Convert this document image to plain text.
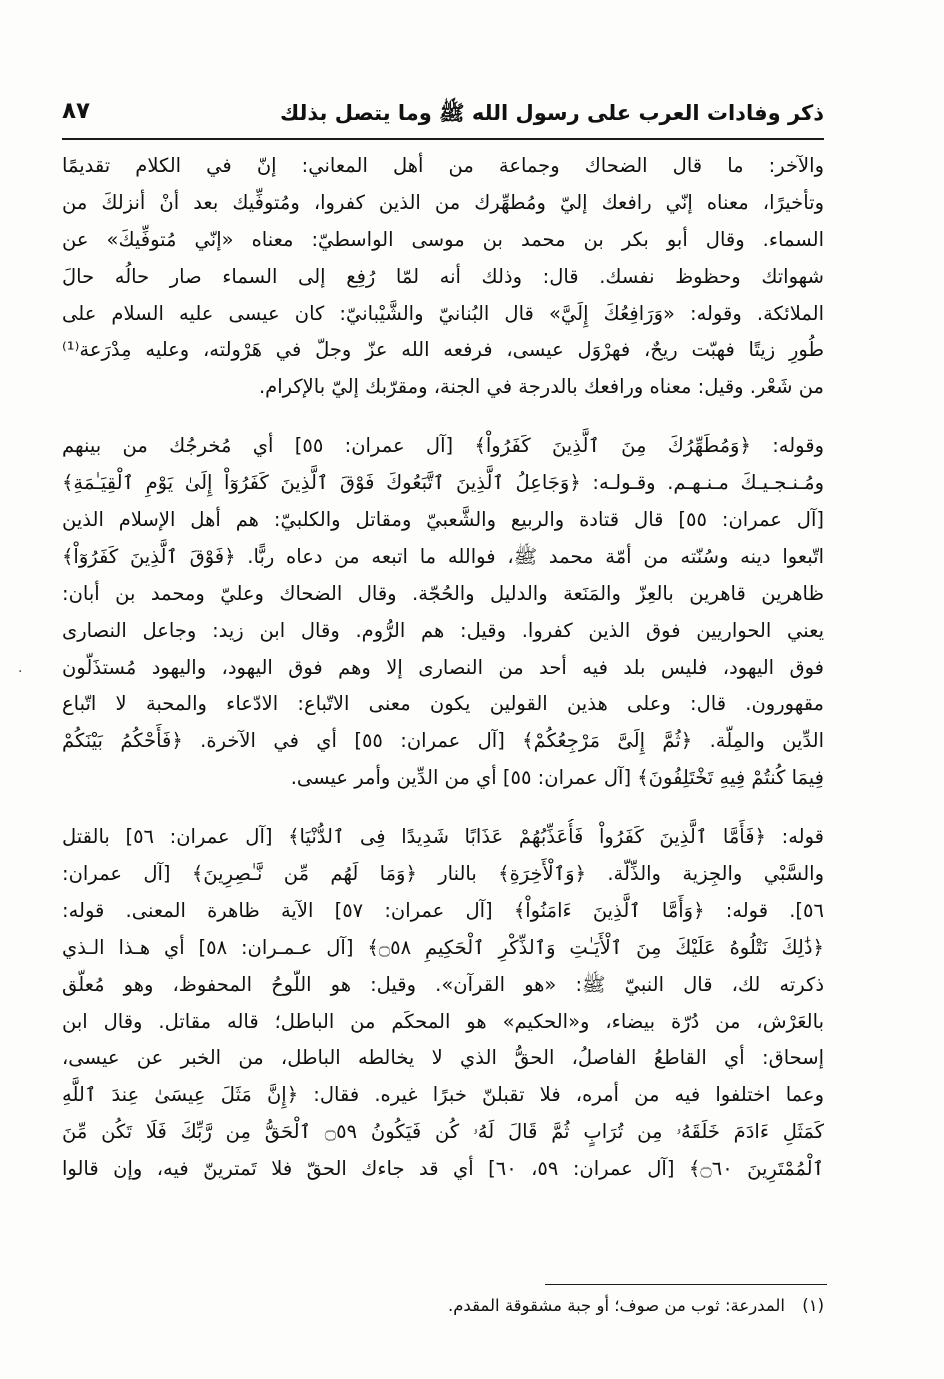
ذكر وفادات العرب على رسول الله ﷺ وما يتصل بذلك
٨٧
·
والآخر: ما قال الضحاك وجماعة من أهل المعاني: إنّ في الكلام تقديمًا
وتأخيرًا، معناه إنّي رافعك إليّ ومُطهِّرك من الذين كفروا، ومُتوفِّيك بعد أنْ أنزلكَ من
السماء. وقال أبو بكر بن محمد بن موسى الواسطيّ: معناه «إنّي مُتوفِّيكَ» عن
شهواتك وحظوظ نفسك. قال: وذلك أنه لمّا رُفِع إلى السماء صار حالُه حالَ
الملائكة. وقوله: «وَرَافِعُكَ إِلَيَّ» قال البُنانيّ والشَّيْبانيّ: كان عيسى عليه السلام على
طُورِ زيتًا فهبّت ريحٌ، فهرْوَل عيسى، فرفعه الله عزّ وجلّ في هَرْولته، وعليه مِدْرَعة⁽¹⁾
من شَعْر. وقيل: معناه ورافعك بالدرجة في الجنة، ومقرّبك إليّ بالإكرام.
وقوله: ﴿وَمُطَهِّرُكَ مِنَ ٱلَّذِينَ كَفَرُواْ﴾ [آل عمران: ٥٥] أي مُخرجُك من بينهم
ومُـنـجـيـكَ مـنـهـم. وقـولـه: ﴿وَجَاعِلُ ٱلَّذِينَ ٱتَّبَعُوكَ فَوْقَ ٱلَّذِينَ كَفَرُوٓاْ إِلَىٰ يَوْمِ ٱلْقِيَـٰمَةِ﴾
[آل عمران: ٥٥] قال قتادة والربيع والشَّعبيّ ومقاتل والكلبيّ: هم أهل الإسلام الذين
اتّبعوا دينه وسُنّته من أمّة محمد ﷺ، فوالله ما اتبعه من دعاه ربًّا. ﴿فَوْقَ ٱلَّذِينَ كَفَرُوٓاْ﴾
ظاهرين قاهرين بالعِزّ والمَنَعة والدليل والحُجّة. وقال الضحاك وعليّ ومحمد بن أبان:
يعني الحواريين فوق الذين كفروا. وقيل: هم الرُّوم. وقال ابن زيد: وجاعل النصارى
فوق اليهود، فليس بلد فيه أحد من النصارى إلا وهم فوق اليهود، واليهود مُستذَلّون
مقهورون. قال: وعلى هذين القولين يكون معنى الاتّباع: الادّعاء والمحبة لا اتّباع
الدِّين والمِلّة. ﴿ثُمَّ إِلَىَّ مَرْجِعُكُمْ﴾ [آل عمران: ٥٥] أي في الآخرة. ﴿فَأَحْكُمُ بَيْنَكُمْ
فِيمَا كُنتُمْ فِيهِ تَخْتَلِفُونَ﴾ [آل عمران: ٥٥] أي من الدِّين وأمر عيسى.
قوله: ﴿فَأَمَّا ٱلَّذِينَ كَفَرُواْ فَأُعَذِّبُهُمْ عَذَابًا شَدِيدًا فِى ٱلدُّنْيَا﴾ [آل عمران: ٥٦] بالقتل
والسَّبْي والجِزية والذِّلّة. ﴿وَٱلْأَخِرَةِ﴾ بالنار ﴿وَمَا لَهُم مِّن نَّـٰصِرِينَ﴾ [آل عمران:
٥٦]. قوله: ﴿وَأَمَّا ٱلَّذِينَ ءَامَنُواْ﴾ [آل عمران: ٥٧] الآية ظاهرة المعنى. قوله:
﴿ذَٰلِكَ نَتْلُوهُ عَلَيْكَ مِنَ ٱلْأَيَـٰتِ وَٱلذِّكْرِ ٱلْحَكِيمِ ۝٥٨﴾ [آل عـمـران: ٥٨] أي هـذا الـذي
ذكرته لك، قال النبيّ ﷺ: «هو القرآن». وقيل: هو اللّوحُ المحفوظ، وهو مُعلّق
بالعَرْش، من دُرّة بيضاء، و«الحكيم» هو المحكَم من الباطل؛ قاله مقاتل. وقال ابن
إسحاق: أي القاطعُ الفاصلُ، الحقُّ الذي لا يخالطه الباطل، من الخبر عن عيسى،
وعما اختلفوا فيه من أمره، فلا تقبلنّ خبرًا غيره. فقال: ﴿إِنَّ مَثَلَ عِيسَىٰ عِندَ ٱللَّهِ
كَمَثَلِ ءَادَمَ خَلَقَهُۥ مِن تُرَابٍ ثُمَّ قَالَ لَهُۥ كُن فَيَكُونُ ۝٥٩ ٱلْحَقُّ مِن رَّبِّكَ فَلَا تَكُن مِّنَ
ٱلْمُمْتَرِينَ ۝٦٠﴾ [آل عمران: ٥٩، ٦٠] أي قد جاءك الحقّ فلا تَمترينّ فيه، وإن قالوا
(١) المدرعة: ثوب من صوف؛ أو جبة مشقوقة المقدم.
